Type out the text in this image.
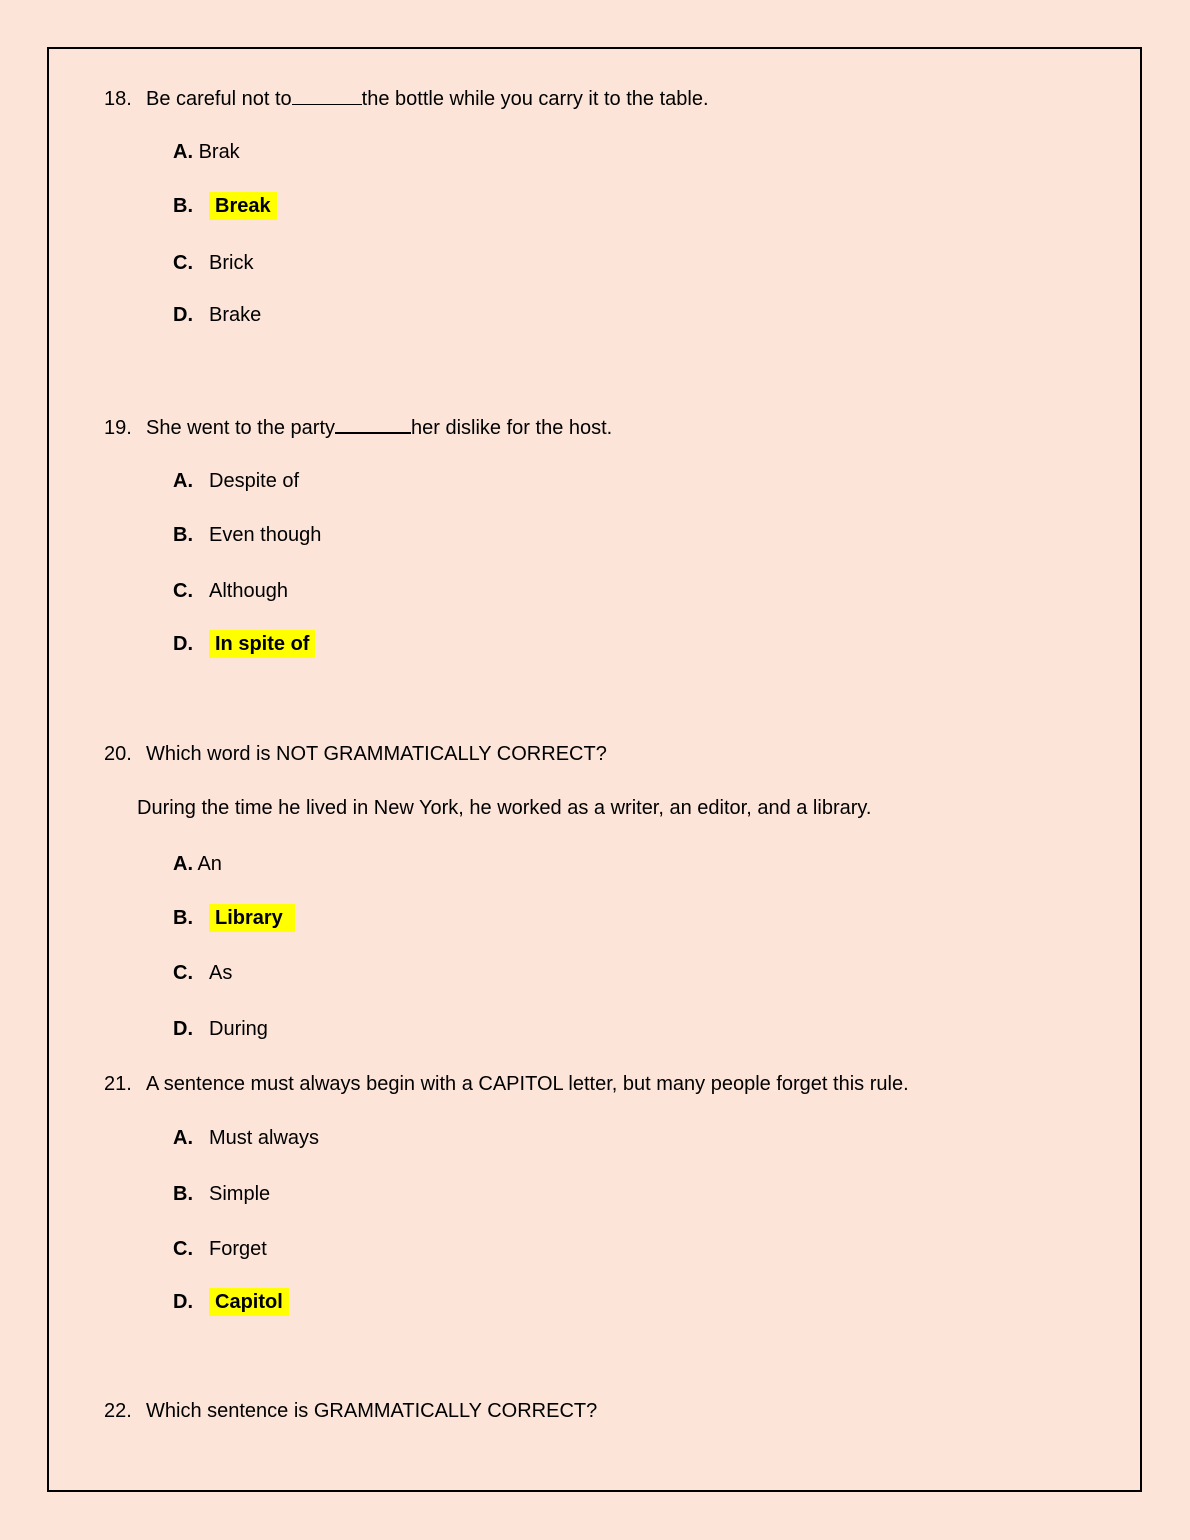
18. Be careful not to	the bottle while you carry it to the table.
A. Brak
B. Break
C. Brick
D. Brake
19. She went to the party	her dislike for the host.
A. Despite of
B. Even though
C. Although
D. In spite of
20. Which word is NOT GRAMMATICALLY CORRECT?
During the time he lived in New York, he worked as a writer, an editor, and a library.
A. An
B. Library
C. As
D. During
21. A sentence must always begin with a CAPITOL letter, but many people forget this rule.
A. Must always
B. Simple
C. Forget
D. Capitol
22. Which sentence is GRAMMATICALLY CORRECT?
